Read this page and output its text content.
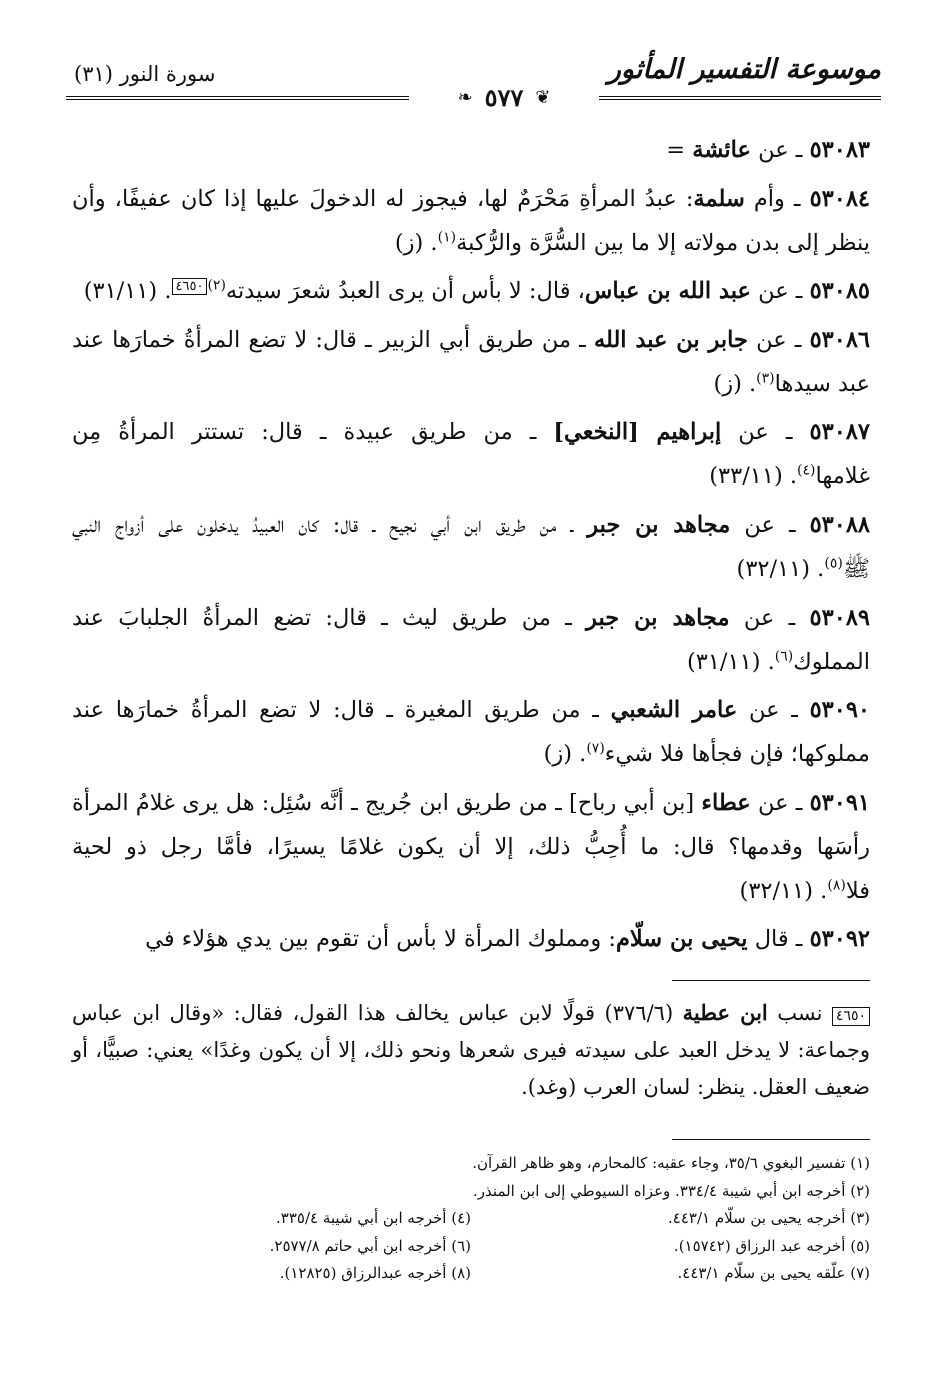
موسوعة التفسير المأثور
سورة النور (٣١)
❦
٥٧٧
❧

٥٣٠٨٣ ـ عن عائشة =

٥٣٠٨٤ ـ وأم سلمة: عبدُ المرأةِ مَحْرَمٌ لها، فيجوز له الدخولَ عليها إذا كان عفيفًا، وأن ينظر إلى بدن مولاته إلا ما بين السُّرَّة والرُّكبة$^{(١)}$. (ز)

٥٣٠٨٥ ـ عن عبد الله بن عباس، قال: لا بأس أن يرى العبدُ شعرَ سيدته$^{(٢)}$٤٦٥٠. (٣١/١١)

٥٣٠٨٦ ـ عن جابر بن عبد الله ـ من طريق أبي الزبير ـ قال: لا تضع المرأةُ خمارَها عند عبد سيدها$^{(٣)}$. (ز)

٥٣٠٨٧ ـ عن إبراهيم [النخعي] ـ من طريق عبيدة ـ قال: تستتر المرأةُ مِن غلامها$^{(٤)}$. (٣٣/١١)

٥٣٠٨٨ ـ عن مجاهد بن جبر ـ من طريق ابن أبي نجيح ـ قال: كان العبيدُ يدخلون على أزواج النبي ﷺ$^{(٥)}$. (٣٢/١١)

٥٣٠٨٩ ـ عن مجاهد بن جبر ـ من طريق ليث ـ قال: تضع المرأةُ الجلبابَ عند المملوك$^{(٦)}$. (٣١/١١)

٥٣٠٩٠ ـ عن عامر الشعبي ـ من طريق المغيرة ـ قال: لا تضع المرأةُ خمارَها عند مملوكها؛ فإن فجأها فلا شيء$^{(٧)}$. (ز)

٥٣٠٩١ ـ عن عطاء [بن أبي رباح] ـ من طريق ابن جُريج ـ أنَّه سُئِل: هل يرى غلامُ المرأة رأسَها وقدمها؟ قال: ما أُحِبُّ ذلك، إلا أن يكون غلامًا يسيرًا، فأمَّا رجل ذو لحية فلا$^{(٨)}$. (٣٢/١١)

٥٣٠٩٢ ـ قال يحيى بن سلّام: ومملوك المرأة لا بأس أن تقوم بين يدي هؤلاء في

٤٦٥٠ نسب ابن عطية (٣٧٦/٦) قولًا لابن عباس يخالف هذا القول، فقال: «وقال ابن عباس وجماعة: لا يدخل العبد على سيدته فيرى شعرها ونحو ذلك، إلا أن يكون وغدًا» يعني: صبيًّا، أو ضعيف العقل. ينظر: لسان العرب (وغد).
(١) تفسير البغوي ٣٥/٦، وجاء عقبه: كالمحارم، وهو ظاهر القرآن.
(٢) أخرجه ابن أبي شيبة ٣٣٤/٤. وعزاه السيوطي إلى ابن المنذر.
(٣) أخرجه يحيى بن سلّام ٤٤٣/١.
(٤) أخرجه ابن أبي شيبة ٣٣٥/٤.
(٥) أخرجه عبد الرزاق (١٥٧٤٢).
(٦) أخرجه ابن أبي حاتم ٢٥٧٧/٨.
(٧) علّقه يحيى بن سلّام ٤٤٣/١.
(٨) أخرجه عبدالرزاق (١٢٨٢٥).
